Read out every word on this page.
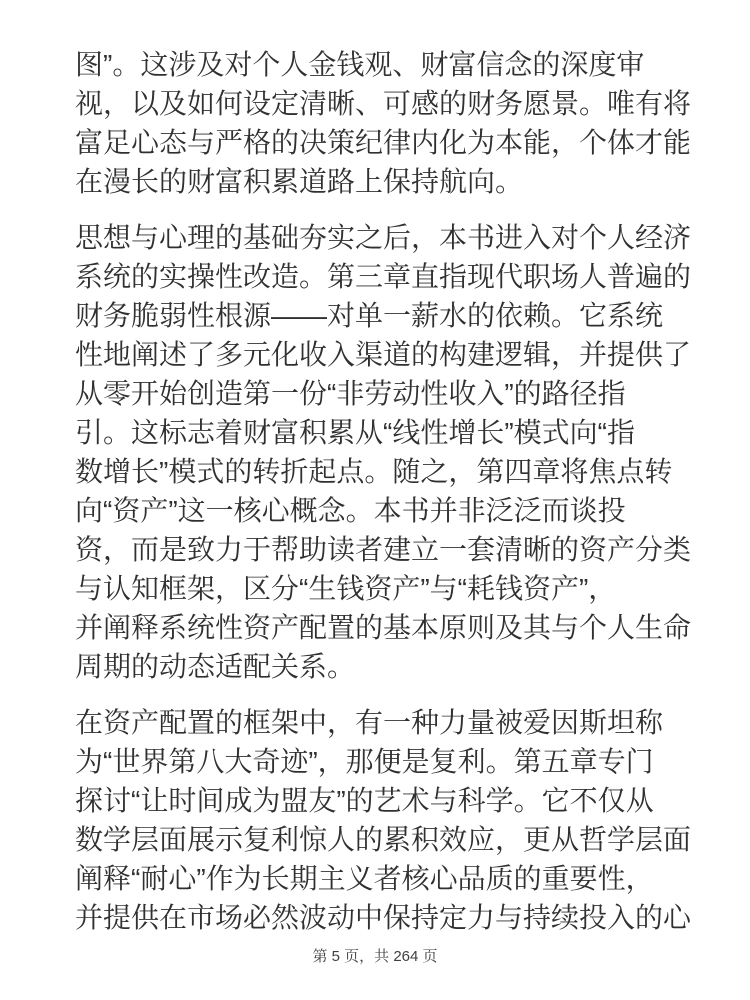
图”。这涉及对个人金钱观、财富信念的深度审
视，以及如何设定清晰、可感的财务愿景。唯有将
富足心态与严格的决策纪律内化为本能，个体才能
在漫长的财富积累道路上保持航向。
思想与心理的基础夯实之后，本书进入对个人经济
系统的实操性改造。第三章直指现代职场人普遍的
财务脆弱性根源——对单一薪水的依赖。它系统
性地阐述了多元化收入渠道的构建逻辑，并提供了
从零开始创造第一份“非劳动性收入”的路径指
引。这标志着财富积累从“线性增长”模式向“指
数增长”模式的转折起点。随之，第四章将焦点转
向“资产”这一核心概念。本书并非泛泛而谈投
资，而是致力于帮助读者建立一套清晰的资产分类
与认知框架，区分“生钱资产”与“耗钱资产”，
并阐释系统性资产配置的基本原则及其与个人生命
周期的动态适配关系。
在资产配置的框架中，有一种力量被爱因斯坦称
为“世界第八大奇迹”，那便是复利。第五章专门
探讨“让时间成为盟友”的艺术与科学。它不仅从
数学层面展示复利惊人的累积效应，更从哲学层面
阐释“耐心”作为长期主义者核心品质的重要性，
并提供在市场必然波动中保持定力与持续投入的心
第 5 页，共 264 页
